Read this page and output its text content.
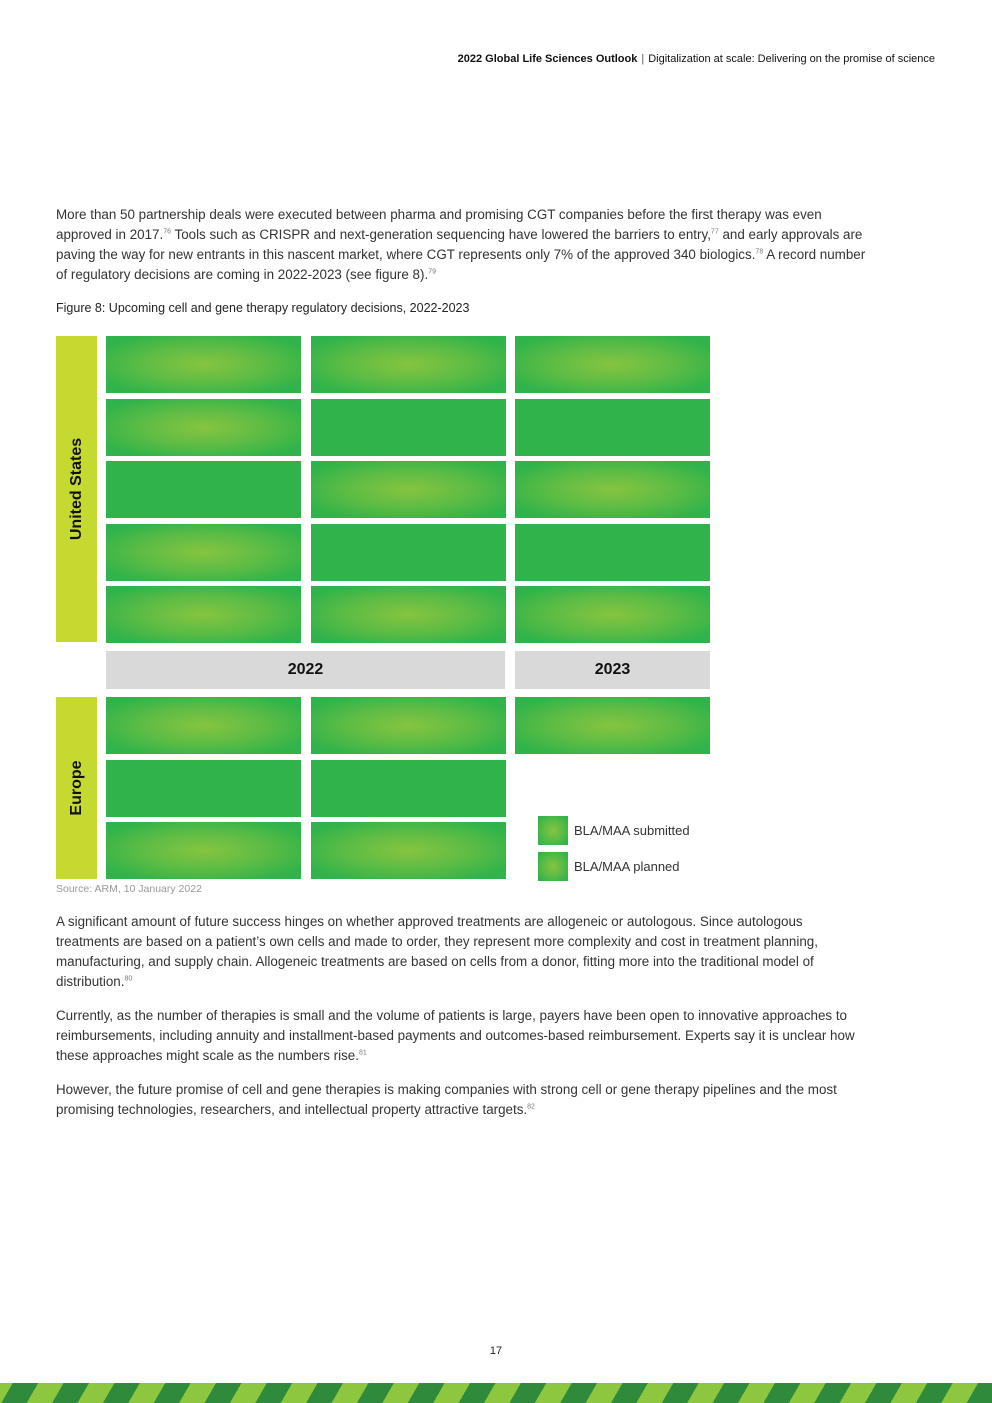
2022 Global Life Sciences Outlook | Digitalization at scale: Delivering on the promise of science

More than 50 partnership deals were executed between pharma and promising CGT companies before the first therapy was even approved in 2017.76 Tools such as CRISPR and next-generation sequencing have lowered the barriers to entry,$^{77}$ and early approvals are paving the way for new entrants in this nascent market, where CGT represents only 7% of the approved 340 biologics.$^{78}$ A record number of regulatory decisions are coming in 2022-2023 (see figure 8).$^{79}$

Figure 8: Upcoming cell and gene therapy regulatory decisions, 2022-2023
United States
Europe
2022	2023
BLA/MAA submitted
BLA/MAA planned
Source: ARM, 10 January 2022

A significant amount of future success hinges on whether approved treatments are allogeneic or autologous. Since autologous treatments are based on a patient’s own cells and made to order, they represent more complexity and cost in treatment planning, manufacturing, and supply chain. Allogeneic treatments are based on cells from a donor, fitting more into the traditional model of distribution.$^{80}$

Currently, as the number of therapies is small and the volume of patients is large, payers have been open to innovative approaches to reimbursements, including annuity and installment-based payments and outcomes-based reimbursement. Experts say it is unclear how these approaches might scale as the numbers rise.$^{81}$

However, the future promise of cell and gene therapies is making companies with strong cell or gene therapy pipelines and the most promising technologies, researchers, and intellectual property attractive targets.$^{82}$

17
